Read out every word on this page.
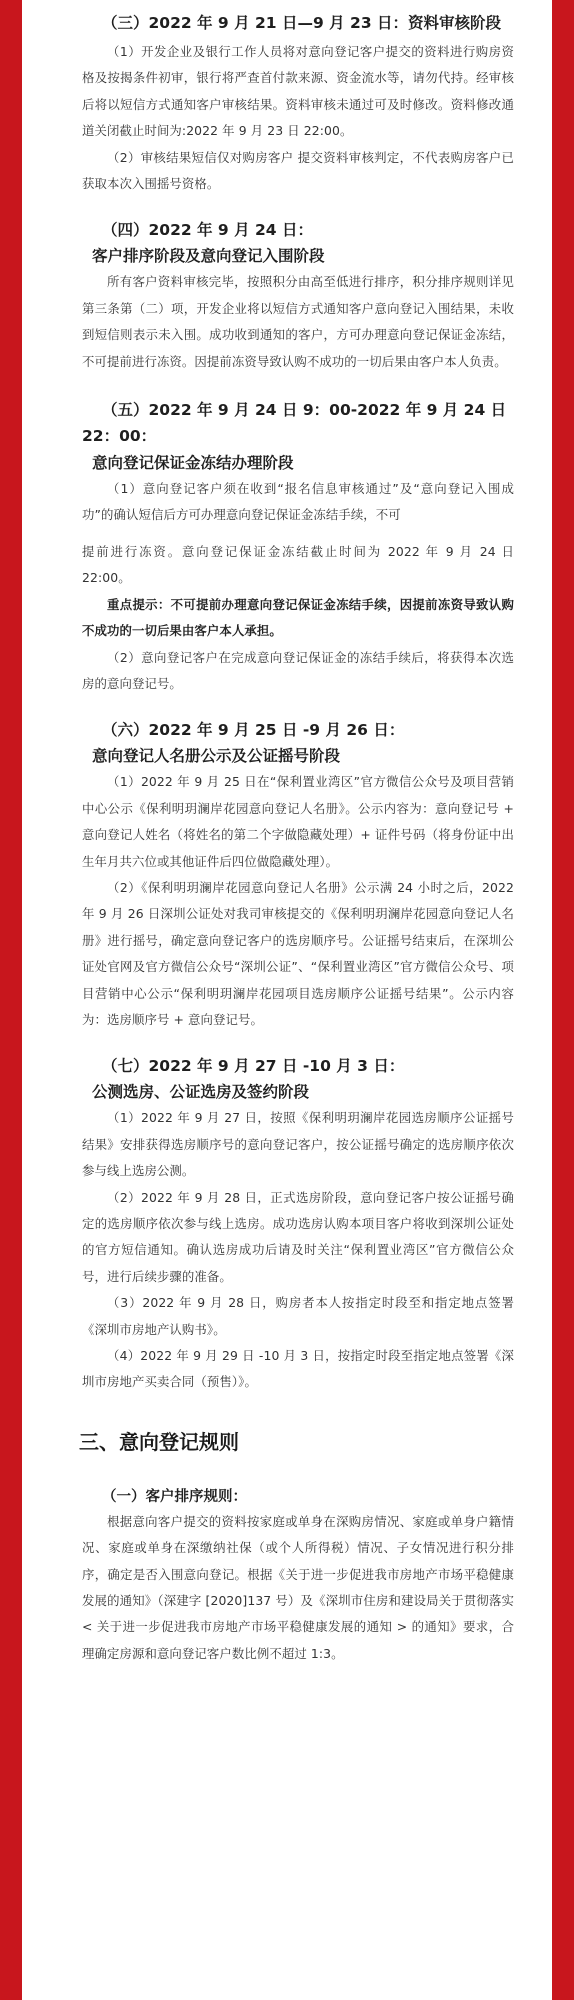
（三）2022 年 9 月 21 日—9 月 23 日：资料审核阶段

（1）开发企业及银行工作人员将对意向登记客户提交的资料进行购房资格及按揭条件初审，银行将严查首付款来源、资金流水等，请勿代持。经审核后将以短信方式通知客户审核结果。资料审核未通过可及时修改。资料修改通道关闭截止时间为:2022 年 9 月 23 日 22:00。

（2）审核结果短信仅对购房客户 提交资料审核判定，不代表购房客户已获取本次入围摇号资格。

（四）2022 年 9 月 24 日：

客户排序阶段及意向登记入围阶段

所有客户资料审核完毕，按照积分由高至低进行排序，积分排序规则详见第三条第（二）项，开发企业将以短信方式通知客户意向登记入围结果，未收到短信则表示未入围。成功收到通知的客户，方可办理意向登记保证金冻结，不可提前进行冻资。因提前冻资导致认购不成功的一切后果由客户本人负责。

（五）2022 年 9 月 24 日 9：00-2022 年 9 月 24 日 22：00：

意向登记保证金冻结办理阶段

（1）意向登记客户须在收到“报名信息审核通过”及“意向登记入围成功”的确认短信后方可办理意向登记保证金冻结手续，不可

提前进行冻资。意向登记保证金冻结截止时间为 2022 年 9 月 24 日 22:00。

重点提示：不可提前办理意向登记保证金冻结手续，因提前冻资导致认购不成功的一切后果由客户本人承担。

（2）意向登记客户在完成意向登记保证金的冻结手续后，将获得本次选房的意向登记号。

（六）2022 年 9 月 25 日 -9 月 26 日：

意向登记人名册公示及公证摇号阶段

（1）2022 年 9 月 25 日在“保利置业湾区”官方微信公众号及项目营销中心公示《保利明玥澜岸花园意向登记人名册》。公示内容为：意向登记号 + 意向登记人姓名（将姓名的第二个字做隐藏处理）+ 证件号码（将身份证中出生年月共六位或其他证件后四位做隐藏处理）。

（2）《保利明玥澜岸花园意向登记人名册》公示满 24 小时之后，2022 年 9 月 26 日深圳公证处对我司审核提交的《保利明玥澜岸花园意向登记人名册》进行摇号，确定意向登记客户的选房顺序号。公证摇号结束后，在深圳公证处官网及官方微信公众号“深圳公证”、“保利置业湾区”官方微信公众号、项目营销中心公示“保利明玥澜岸花园项目选房顺序公证摇号结果”。公示内容为：选房顺序号 + 意向登记号。

（七）2022 年 9 月 27 日 -10 月 3 日：

公测选房、公证选房及签约阶段

（1）2022 年 9 月 27 日，按照《保利明玥澜岸花园选房顺序公证摇号结果》安排获得选房顺序号的意向登记客户，按公证摇号确定的选房顺序依次参与线上选房公测。

（2）2022 年 9 月 28 日，正式选房阶段，意向登记客户按公证摇号确定的选房顺序依次参与线上选房。成功选房认购本项目客户将收到深圳公证处的官方短信通知。确认选房成功后请及时关注“保利置业湾区”官方微信公众号，进行后续步骤的准备。

（3）2022 年 9 月 28 日，购房者本人按指定时段至和指定地点签署《深圳市房地产认购书》。

（4）2022 年 9 月 29 日 -10 月 3 日，按指定时段至指定地点签署《深圳市房地产买卖合同（预售）》。

三、意向登记规则

（一）客户排序规则：

根据意向客户提交的资料按家庭或单身在深购房情况、家庭或单身户籍情况、家庭或单身在深缴纳社保（或个人所得税）情况、子女情况进行积分排序，确定是否入围意向登记。根据《关于进一步促进我市房地产市场平稳健康发展的通知》（深建字 [2020]137 号）及《深圳市住房和建设局关于贯彻落实 < 关于进一步促进我市房地产市场平稳健康发展的通知 > 的通知》要求，合理确定房源和意向登记客户数比例不超过 1:3。
